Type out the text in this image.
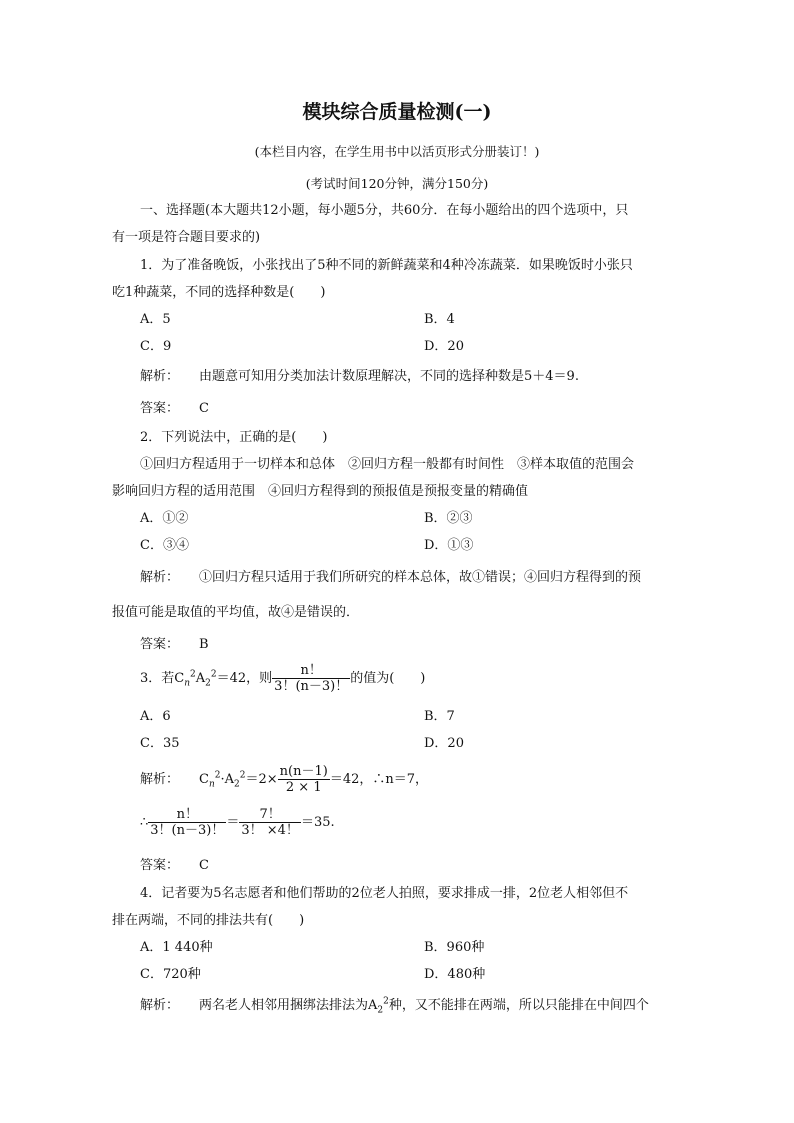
模块综合质量检测(一)
(本栏目内容，在学生用书中以活页形式分册装订！)
(考试时间120分钟，满分150分)
一、选择题(本大题共12小题，每小题5分，共60分．在每小题给出的四个选项中，只
有一项是符合题目要求的)
1．为了准备晚饭，小张找出了5种不同的新鲜蔬菜和4种冷冻蔬菜．如果晚饭时小张只
吃1种蔬菜，不同的选择种数是(　　)
A．5	B．4
C．9	D．20
解析： 由题意可知用分类加法计数原理解决，不同的选择种数是5＋4＝9.
答案： C
2．下列说法中，正确的是(　　)
①回归方程适用于一切样本和总体　②回归方程一般都有时间性　③样本取值的范围会
影响回归方程的适用范围　④回归方程得到的预报值是预报变量的精确值
A．①②	B．②③
C．③④	D．①③
解析： ①回归方程只适用于我们所研究的样本总体，故①错误；④回归方程得到的预
报值可能是取值的平均值，故④是错误的．
答案： B
3．若$C_n^2A_2^2=42$，则 $\frac{n!}{3!(n-3)!}$ 的值为(　　)
A．6	B．7
C．35	D．20
解析： $C_n^2\cdot A_2^2=2\times \frac{n(n-1)}{2 \times 1} =42$，∴n＝7，
∴ $\frac{n!}{3!(n-3)!} = \frac{7!}{3! \times 4!} =35$.
答案： C
4．记者要为5名志愿者和他们帮助的2位老人拍照，要求排成一排，2位老人相邻但不
排在两端，不同的排法共有(　　)
A．1 440种	B．960种
C．720种	D．480种
解析： 两名老人相邻用捆绑法排法为$A_2^2$种，又不能排在两端，所以只能排在中间四个
